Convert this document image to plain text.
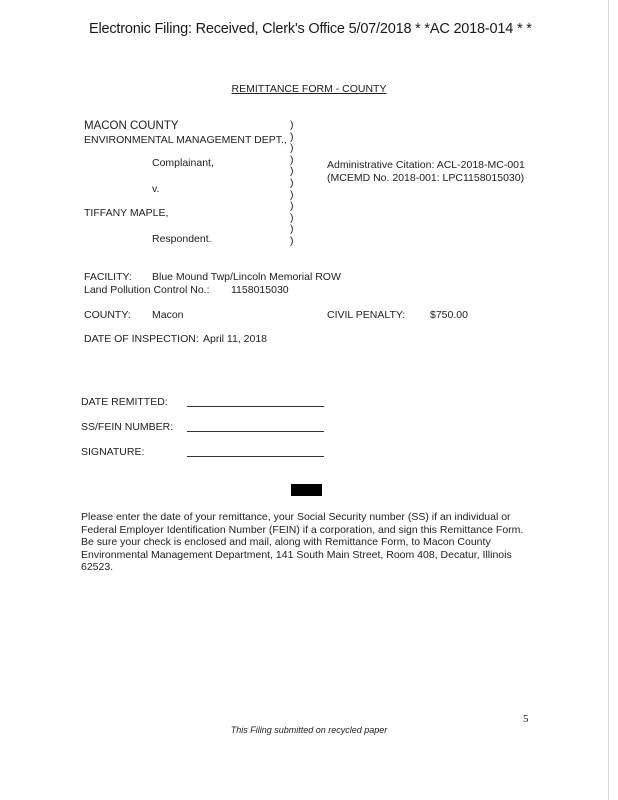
Electronic Filing: Received, Clerk's Office 5/07/2018 * *AC 2018-014 * *
REMITTANCE FORM - COUNTY
MACON COUNTY
ENVIRONMENTAL MANAGEMENT DEPT.,
Complainant,
v.
TIFFANY MAPLE,
Respondent.
)
)
)
)
)
)
)
)
)
)
)
Administrative Citation: ACL-2018-MC-001
(MCEMD No. 2018-001: LPC1158015030)
FACILITY: Blue Mound Twp/Lincoln Memorial ROW
Land Pollution Control No.: 1158015030
COUNTY: Macon	CIVIL PENALTY: $750.00
DATE OF INSPECTION: April 11, 2018
DATE REMITTED:
SS/FEIN NUMBER:
SIGNATURE:
Please enter the date of your remittance, your Social Security number (SS) if an individual or Federal Employer Identification Number (FEIN) if a corporation, and sign this Remittance Form. Be sure your check is enclosed and mail, along with Remittance Form, to Macon County Environmental Management Department, 141 South Main Street, Room 408, Decatur, Illinois 62523.
5
This Filing submitted on recycled paper
